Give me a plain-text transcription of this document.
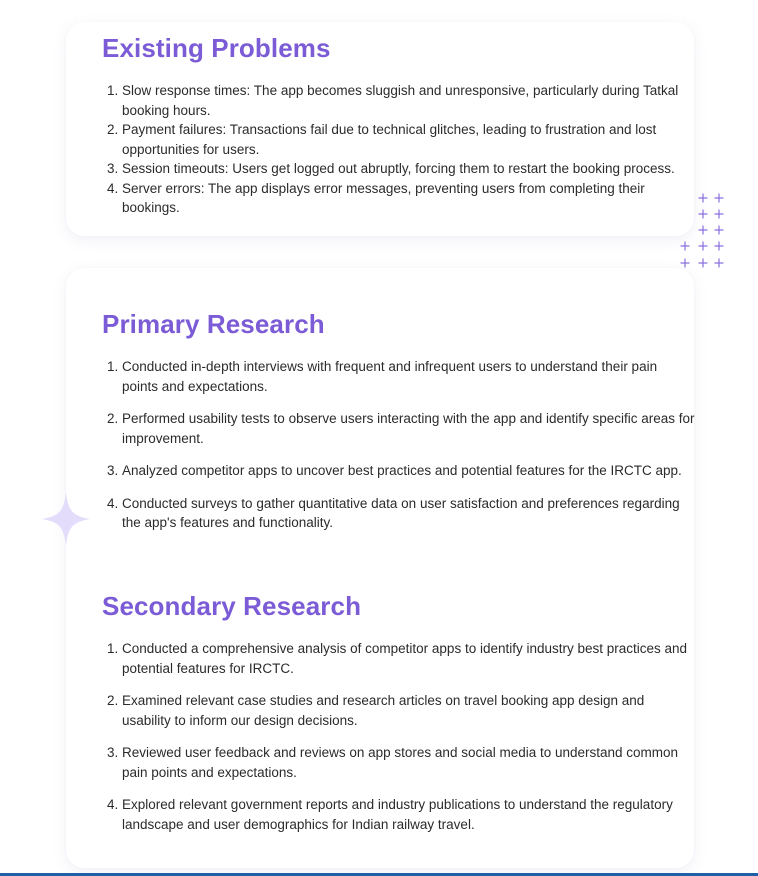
Existing Problems
1. Slow response times: The app becomes sluggish and unresponsive, particularly during Tatkal booking hours.
2. Payment failures: Transactions fail due to technical glitches, leading to frustration and lost opportunities for users.
3. Session timeouts: Users get logged out abruptly, forcing them to restart the booking process.
4. Server errors: The app displays error messages, preventing users from completing their bookings.
Primary Research
1. Conducted in-depth interviews with frequent and infrequent users to understand their pain points and expectations.
2. Performed usability tests to observe users interacting with the app and identify specific areas for improvement.
3. Analyzed competitor apps to uncover best practices and potential features for the IRCTC app.
4. Conducted surveys to gather quantitative data on user satisfaction and preferences regarding the app's features and functionality.
Secondary Research
1. Conducted a comprehensive analysis of competitor apps to identify industry best practices and potential features for IRCTC.
2. Examined relevant case studies and research articles on travel booking app design and usability to inform our design decisions.
3. Reviewed user feedback and reviews on app stores and social media to understand common pain points and expectations.
4. Explored relevant government reports and industry publications to understand the regulatory landscape and user demographics for Indian railway travel.
